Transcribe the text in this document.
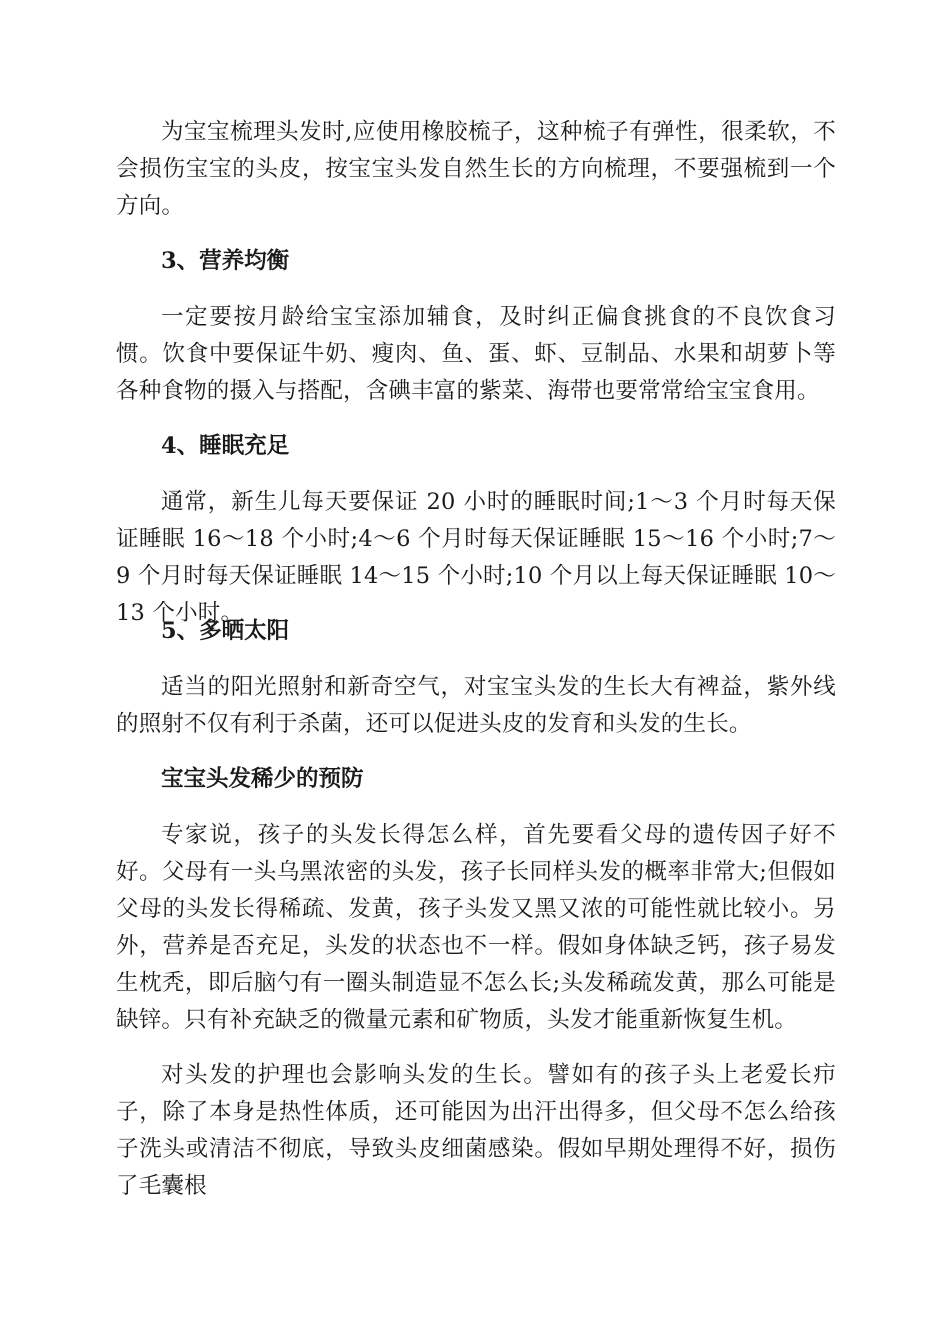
为宝宝梳理头发时,应使用橡胶梳子，这种梳子有弹性，很柔软，不会损伤宝宝的头皮，按宝宝头发自然生长的方向梳理，不要强梳到一个方向。

3、营养均衡

一定要按月龄给宝宝添加辅食，及时纠正偏食挑食的不良饮食习惯。饮食中要保证牛奶、瘦肉、鱼、蛋、虾、豆制品、水果和胡萝卜等各种食物的摄入与搭配，含碘丰富的紫菜、海带也要常常给宝宝食用。

4、睡眠充足

通常，新生儿每天要保证 20 小时的睡眠时间;1～3 个月时每天保证睡眠 16～18 个小时;4～6 个月时每天保证睡眠 15～16 个小时;7～9 个月时每天保证睡眠 14～15 个小时;10 个月以上每天保证睡眠 10～13 个小时。

5、多晒太阳

适当的阳光照射和新奇空气，对宝宝头发的生长大有裨益，紫外线的照射不仅有利于杀菌，还可以促进头皮的发育和头发的生长。

宝宝头发稀少的预防

专家说，孩子的头发长得怎么样，首先要看父母的遗传因子好不好。父母有一头乌黑浓密的头发，孩子长同样头发的概率非常大;但假如父母的头发长得稀疏、发黄，孩子头发又黑又浓的可能性就比较小。另外，营养是否充足，头发的状态也不一样。假如身体缺乏钙，孩子易发生枕秃，即后脑勺有一圈头制造显不怎么长;头发稀疏发黄，那么可能是缺锌。只有补充缺乏的微量元素和矿物质，头发才能重新恢复生机。

对头发的护理也会影响头发的生长。譬如有的孩子头上老爱长疖子，除了本身是热性体质，还可能因为出汗出得多，但父母不怎么给孩子洗头或清洁不彻底，导致头皮细菌感染。假如早期处理得不好，损伤了毛囊根
